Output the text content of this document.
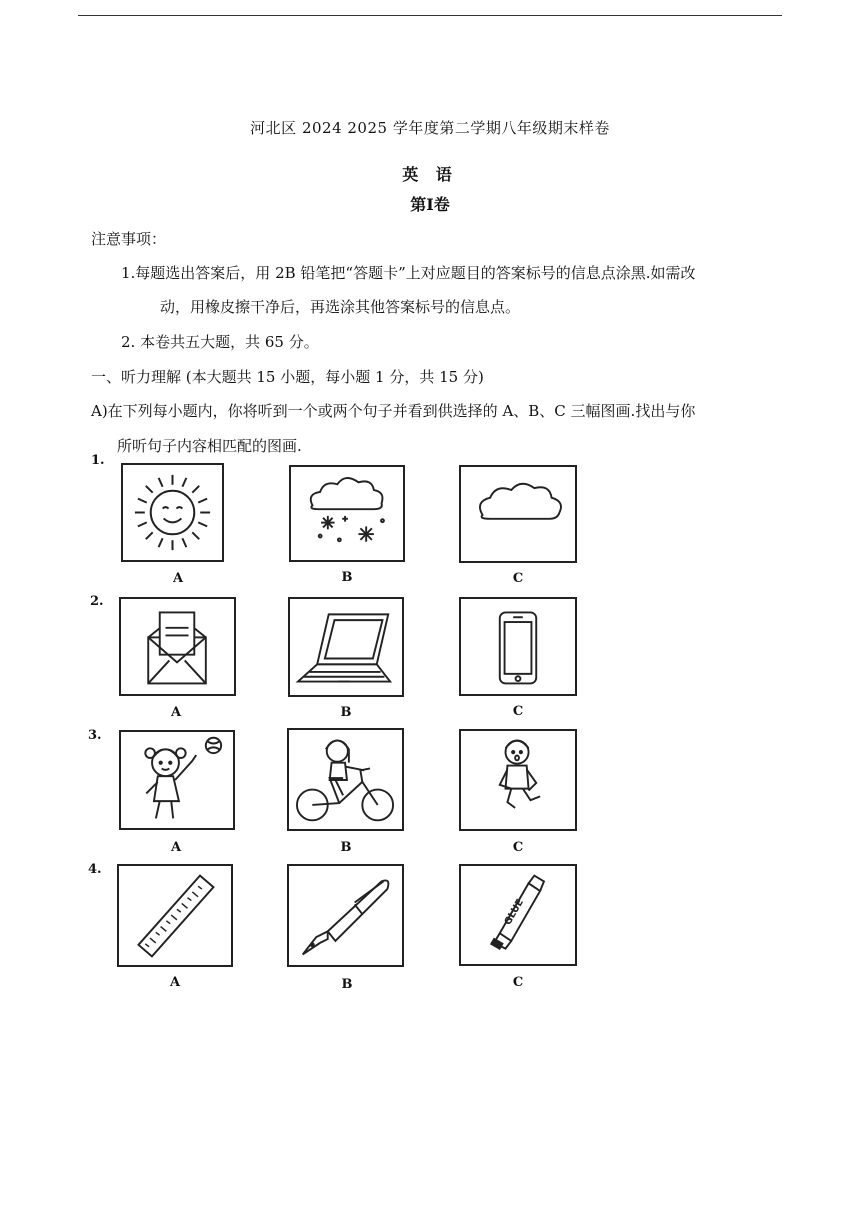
河北区 2024 2025 学年度第二学期八年级期末样卷
英 语
第Ⅰ卷
注意事项：
1.每题选出答案后，用 2B 铅笔把“答题卡”上对应题目的答案标号的信息点涂黑.如需改
动，用橡皮擦干净后，再选涂其他答案标号的信息点。
2. 本卷共五大题，共 65 分。
一、听力理解 (本大题共 15 小题，每小题 1 分，共 15 分)
A)在下列每小题内，你将听到一个或两个句子并看到供选择的 A、B、C 三幅图画.找出与你
所听句子内容相匹配的图画.
1.
A	B	C
2.
A	B	C
3.
A	B	C
4.
A	B
GLUE
C
